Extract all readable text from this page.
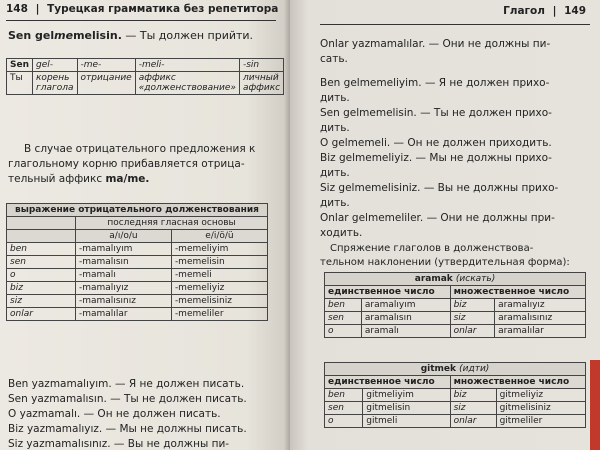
148 | Турецкая грамматика без репетитора
Sen gelmemelisin. — Ты должен прийти.
Sen	gel-	-me-	-meli-	-sin
Ты	корень глагола	отрицание	аффикс «долженствование»	личный аффикс
В случае отрицательного предложения к
глагольному корню прибавляется отрица-
тельный аффикс ma/me.
выражение отрицательного долженствования		
	последняя гласная основы	
	a/ı/o/u	e/i/ö/ü
ben	-mamalıyım	-memeliyim
sen	-mamalısın	-memelisin
o	-mamalı	-memeli
biz	-mamalıyız	-memeliyiz
siz	-mamalısınız	-memelisiniz
onlar	-mamalılar	-memeliler
Ben yazmamalıyım. — Я не должен писать.
Sen yazmamalısın. — Ты не должен писать.
O yazmamalı. — Он не должен писать.
Biz yazmamalıyız. — Мы не должны писать.
Siz yazmamalısınız. — Вы не должны пи-
Глагол | 149
Onlar yazmamalılar. — Они не должны пи-
сать.
Ben gelmemeliyim. — Я не должен прихо-
дить.
Sen gelmemelisin. — Ты не должен прихо-
дить.
O gelmemeli. — Он не должен приходить.
Biz gelmemeliyiz. — Мы не должны прихо-
дить.
Siz gelmemelisiniz. — Вы не должны прихо-
дить.
Onlar gelmemeliler. — Они не должны при-
ходить.
Спряжение глаголов в долженствова-
тельном наклонении (утвердительная форма):
aramak (искать)			
единственное число		множественное число	
ben	aramalıyım	biz	aramalıyız
sen	aramalısın	siz	aramalısınız
o	aramalı	onlar	aramalılar
gitmek (идти)			
единственное число		множественное число	
ben	gitmeliyim	biz	gitmeliyiz
sen	gitmelisin	siz	gitmelisiniz
o	gitmeli	onlar	gitmeliler
